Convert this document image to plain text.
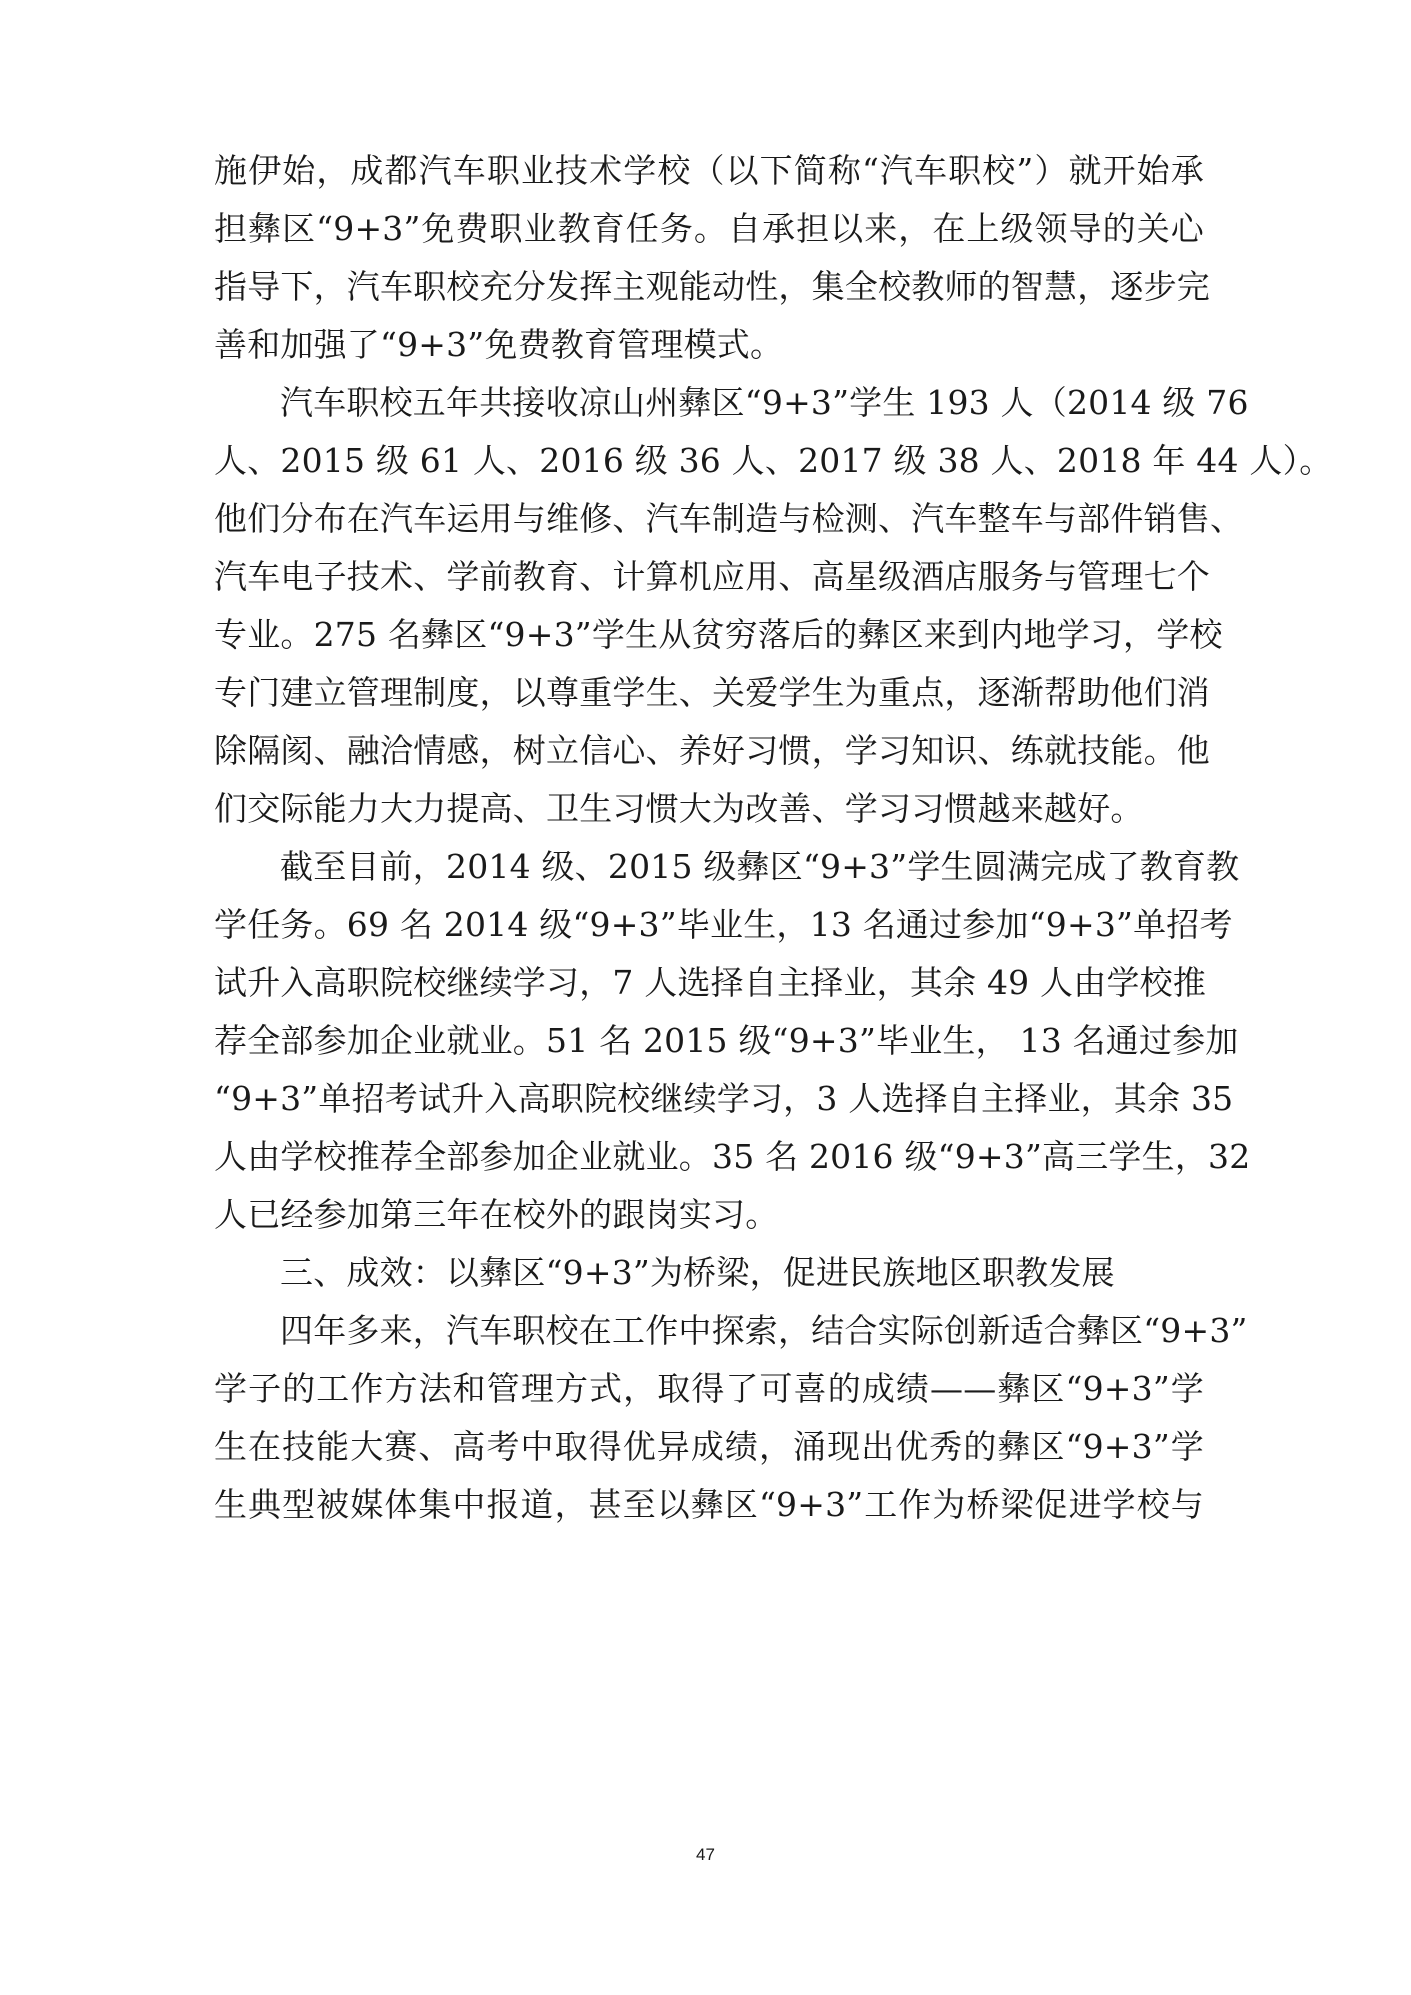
施伊始，成都汽车职业技术学校（以下简称“汽车职校”）就开始承
担彝区“9+3”免费职业教育任务。自承担以来，在上级领导的关心
指导下，汽车职校充分发挥主观能动性，集全校教师的智慧，逐步完
善和加强了“9+3”免费教育管理模式。
汽车职校五年共接收凉山州彝区“9+3”学生 193 人（2014 级 76
人、2015 级 61 人、2016 级 36 人、2017 级 38 人、2018 年 44 人）。
他们分布在汽车运用与维修、汽车制造与检测、汽车整车与部件销售、
汽车电子技术、学前教育、计算机应用、高星级酒店服务与管理七个
专业。275 名彝区“9+3”学生从贫穷落后的彝区来到内地学习，学校
专门建立管理制度，以尊重学生、关爱学生为重点，逐渐帮助他们消
除隔阂、融洽情感，树立信心、养好习惯，学习知识、练就技能。他
们交际能力大力提高、卫生习惯大为改善、学习习惯越来越好。
截至目前，2014 级、2015 级彝区“9+3”学生圆满完成了教育教
学任务。69 名 2014 级“9+3”毕业生，13 名通过参加“9+3”单招考
试升入高职院校继续学习，7 人选择自主择业，其余 49 人由学校推
荐全部参加企业就业。51 名 2015 级“9+3”毕业生， 13 名通过参加
“9+3”单招考试升入高职院校继续学习，3 人选择自主择业，其余 35
人由学校推荐全部参加企业就业。35 名 2016 级“9+3”高三学生，32
人已经参加第三年在校外的跟岗实习。
三、成效：以彝区“9+3”为桥梁，促进民族地区职教发展
四年多来，汽车职校在工作中探索，结合实际创新适合彝区“9+3”
学子的工作方法和管理方式，取得了可喜的成绩——彝区“9+3”学
生在技能大赛、高考中取得优异成绩，涌现出优秀的彝区“9+3”学
生典型被媒体集中报道，甚至以彝区“9+3”工作为桥梁促进学校与
47
